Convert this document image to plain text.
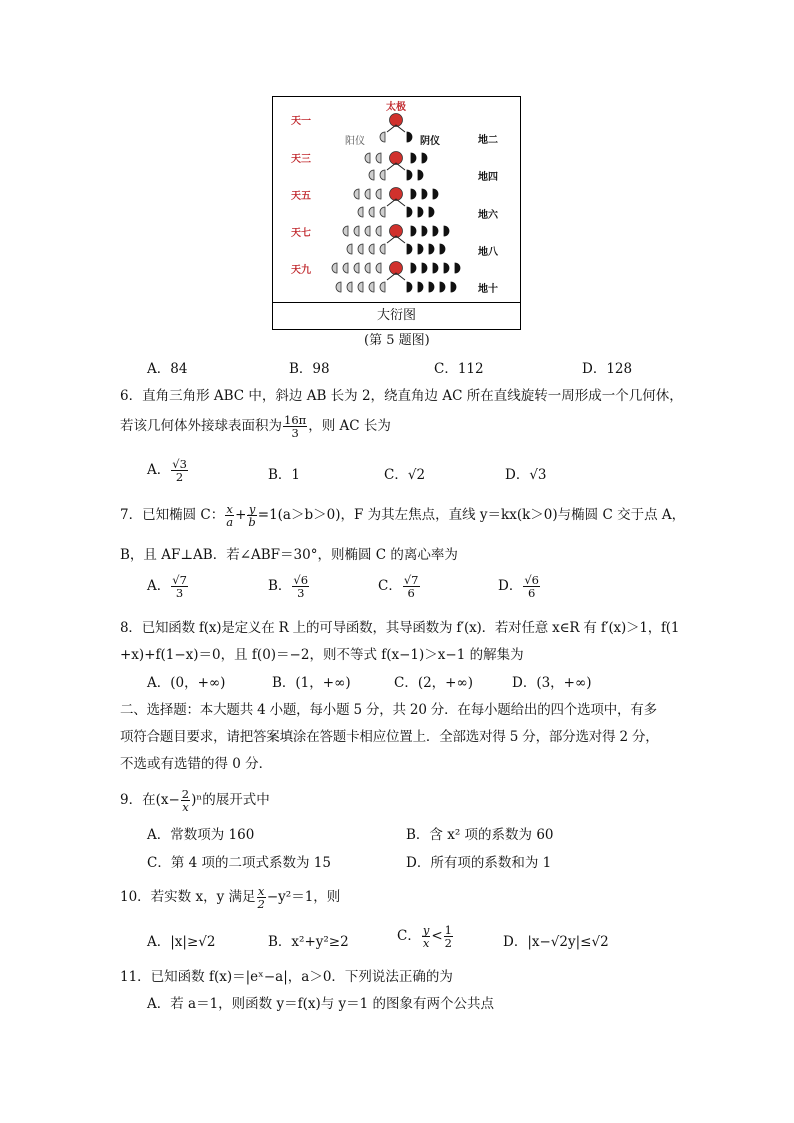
太极
天一
阳仪	阴仪	地二
天三
地四
天五
地六
天七
地八
天九
地十
大衍图
(第 5 题图)
A．84	B．98	C．112	D．128
6．直角三角形 ABC 中，斜边 AB 长为 2，绕直角边 AC 所在直线旋转一周形成一个几何休，
若该几何体外接球表面积为 $\frac{16\pi}{3}$ ，则 AC 长为
A． $\frac{√3}{2}$	B．1	C．√2	D．√3
7．已知椭圆 C： $\frac{x}{a} + \frac{y}{b} =1(a>b>0)$，F 为其左焦点，直线 y＝kx(k＞0)与椭圆 C 交于点 A，
B，且 AF⊥AB．若∠ABF＝30°，则椭圆 C 的离心率为
A． $\frac{√7}{3}$	B． $\frac{√6}{3}$	C． $\frac{√7}{6}$	D． $\frac{√6}{6}$
8．已知函数 f(x)是定义在 R 上的可导函数，其导函数为 f′(x)．若对任意 x∈R 有 f′(x)＞1，f(1
+x)+f(1−x)＝0，且 f(0)＝−2，则不等式 f(x−1)＞x−1 的解集为
A．(0，+∞)	B．(1，+∞)	C．(2，+∞)	D．(3，+∞)
二、选择题：本大题共 4 小题，每小题 5 分，共 20 分．在每小题给出的四个选项中，有多
项符合题目要求，请把答案填涂在答题卡相应位置上．全部选对得 5 分，部分选对得 2 分，
不选或有选错的得 0 分．
9．在$(x- \frac{2}{x} )^n$的展开式中
A．常数项为 160	B．含 x² 项的系数为 60
C．第 4 项的二项式系数为 15	D．所有项的系数和为 1
10．若实数 x，y 满足 $\frac{x}{2} -y^2=1$，则
A．|x|≥√2	B．x²+y²≥2	C． $\frac{y}{x} < \frac{1}{2}$	D．|x−√2y|≤√2
11．已知函数 f(x)＝|eˣ−a|，a＞0．下列说法正确的为
A．若 a＝1，则函数 y＝f(x)与 y＝1 的图象有两个公共点
